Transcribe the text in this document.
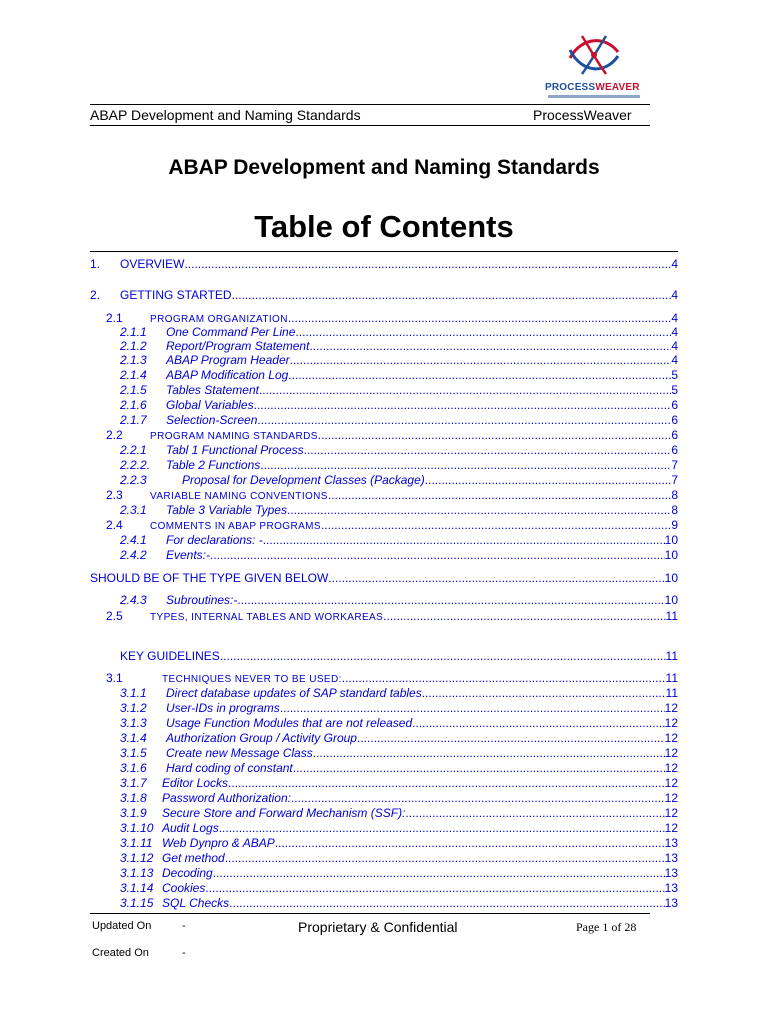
PROCESSWEAVER
ABAP Development and Naming Standards	ProcessWeaver
ABAP Development and Naming Standards
Table of Contents
1.	OVERVIEW .....	4
2.	GETTING STARTED .....	4
2.1	PROGRAM ORGANIZATION .....	4
2.1.1	One Command Per Line .....	4
2.1.2	Report/Program Statement .....	4
2.1.3	ABAP Program Header .....	4
2.1.4	ABAP Modification Log .....	5
2.1.5	Tables Statement .....	5
2.1.6	Global Variables .....	6
2.1.7	Selection-Screen .....	6
2.2	PROGRAM NAMING STANDARDS .....	6
2.2.1	Tabl 1 Functional Process .....	6
2.2.2.	Table 2 Functions .....	7
2.2.3	Proposal for Development Classes (Package) .....	7
2.3	VARIABLE NAMING CONVENTIONS .....	8
2.3.1	Table 3 Variable Types .....	8
2.4	COMMENTS IN ABAP PROGRAMS .....	9
2.4.1	For declarations: - .....	10
2.4.2	Events:- .....	10
SHOULD BE OF THE TYPE GIVEN BELOW .....	10
2.4.3	Subroutines:- .....	10
2.5	TYPES, INTERNAL TABLES AND WORKAREAS .....	11
KEY GUIDELINES .....	11
3.1	TECHNIQUES NEVER TO BE USED: .....	11
3.1.1	Direct database updates of SAP standard tables .....	11
3.1.2	User-IDs in programs .....	12
3.1.3	Usage Function Modules that are not released .....	12
3.1.4	Authorization Group / Activity Group .....	12
3.1.5	Create new Message Class .....	12
3.1.6	Hard coding of constant .....	12
3.1.7	Editor Locks .....	12
3.1.8	Password Authorization: .....	12
3.1.9	Secure Store and Forward Mechanism (SSF): .....	12
3.1.10 Audit Logs .....	12
3.1.11 Web Dynpro & ABAP .....	13
3.1.12 Get method .....	13
3.1.13 Decoding .....	13
3.1.14 Cookies .....	13
3.1.15 SQL Checks .....	13
Updated On	-	Proprietary & Confidential	Page 1 of 28
Created On	-
